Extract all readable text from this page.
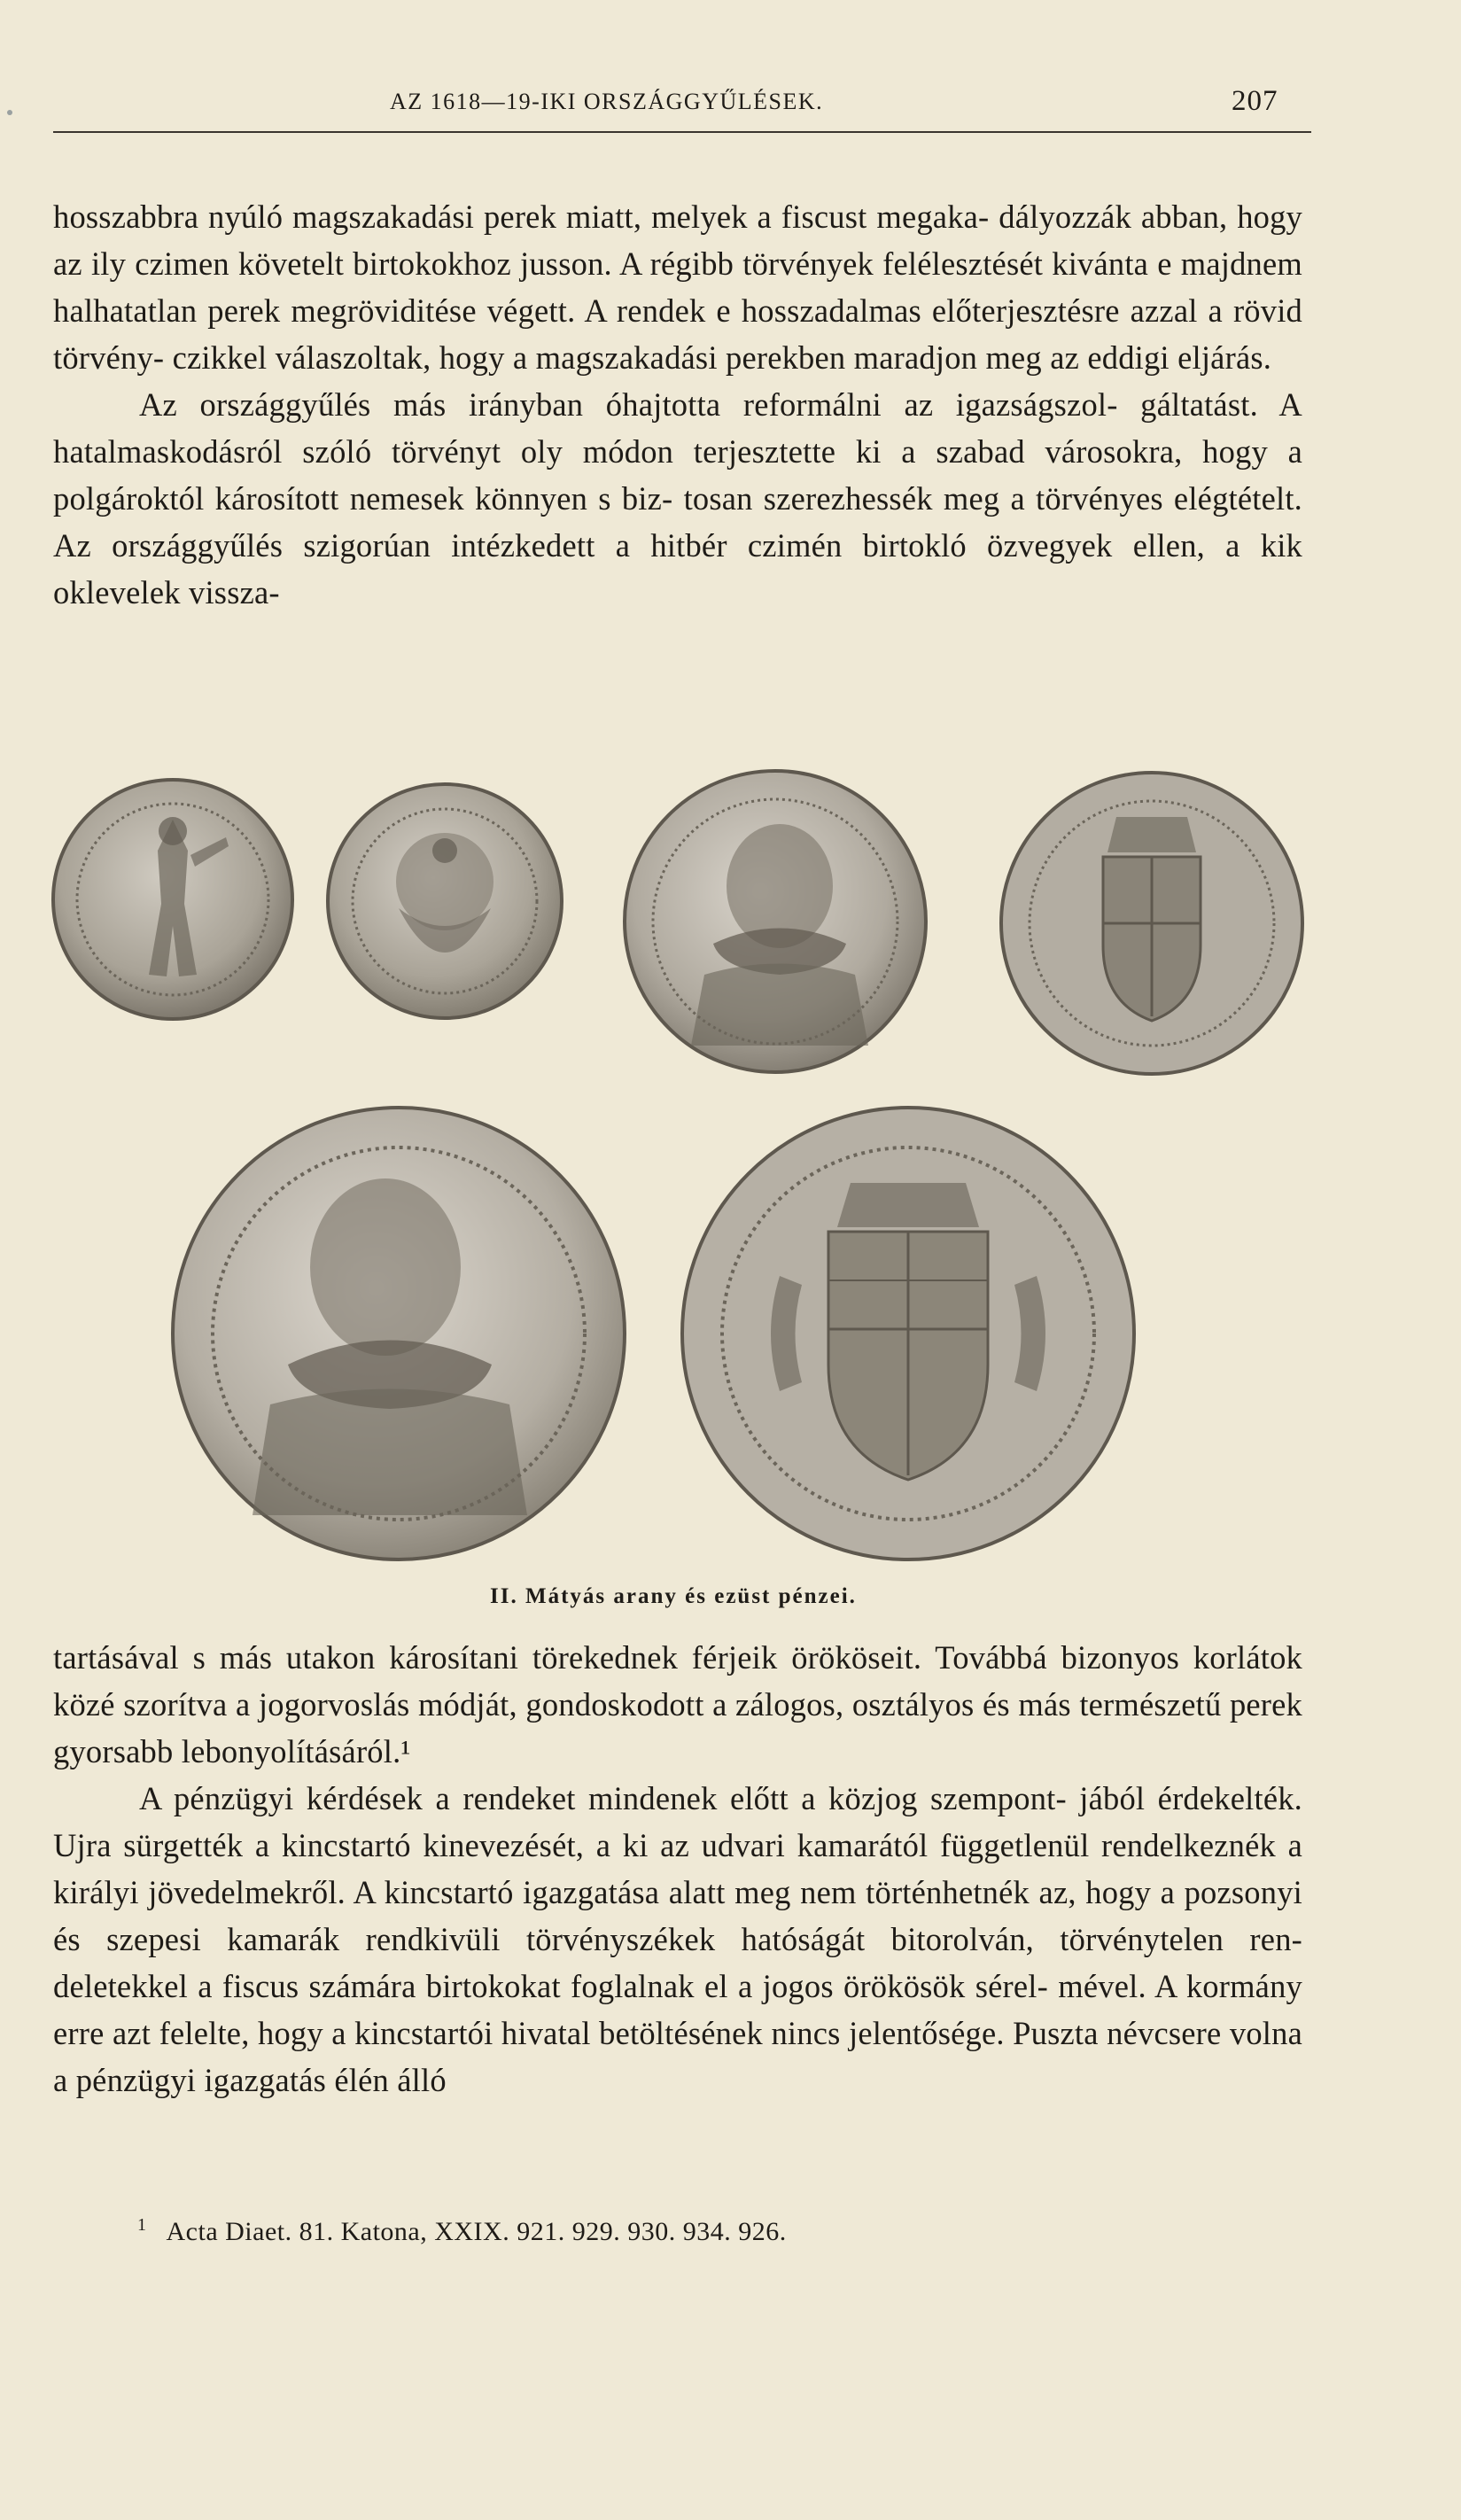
AZ 1618—19-IKI ORSZÁGGYŰLÉSEK.	207

hosszabbra nyúló magszakadási perek miatt, melyek a fiscust megaka- dályozzák abban, hogy az ily czimen követelt birtokokhoz jusson. A régibb törvények felélesztését kivánta e majdnem halhatatlan perek megröviditése végett. A rendek e hosszadalmas előterjesztésre azzal a rövid törvény- czikkel válaszoltak, hogy a magszakadási perekben maradjon meg az eddigi eljárás.

Az országgyűlés más irányban óhajtotta reformálni az igazságszol- gáltatást. A hatalmaskodásról szóló törvényt oly módon terjesztette ki a szabad városokra, hogy a polgároktól károsított nemesek könnyen s biz- tosan szerezhessék meg a törvényes elégtételt. Az országgyűlés szigorúan intézkedett a hitbér czimén birtokló özvegyek ellen, a kik oklevelek vissza-

II. Mátyás arany és ezüst pénzei.

tartásával s más utakon károsítani törekednek férjeik örököseit. Továbbá bizonyos korlátok közé szorítva a jogorvoslás módját, gondoskodott a zálogos, osztályos és más természetű perek gyorsabb lebonyolításáról.¹

A pénzügyi kérdések a rendeket mindenek előtt a közjog szempont- jából érdekelték. Ujra sürgették a kincstartó kinevezését, a ki az udvari kamarától függetlenül rendelkeznék a királyi jövedelmekről. A kincstartó igazgatása alatt meg nem történhetnék az, hogy a pozsonyi és szepesi kamarák rendkivüli törvényszékek hatóságát bitorolván, törvénytelen ren- deletekkel a fiscus számára birtokokat foglalnak el a jogos örökösök sérel- mével. A kormány erre azt felelte, hogy a kincstartói hivatal betöltésének nincs jelentősége. Puszta névcsere volna a pénzügyi igazgatás élén álló

$^1$ Acta Diaet. 81. Katona, XXIX. 921. 929. 930. 934. 926.
